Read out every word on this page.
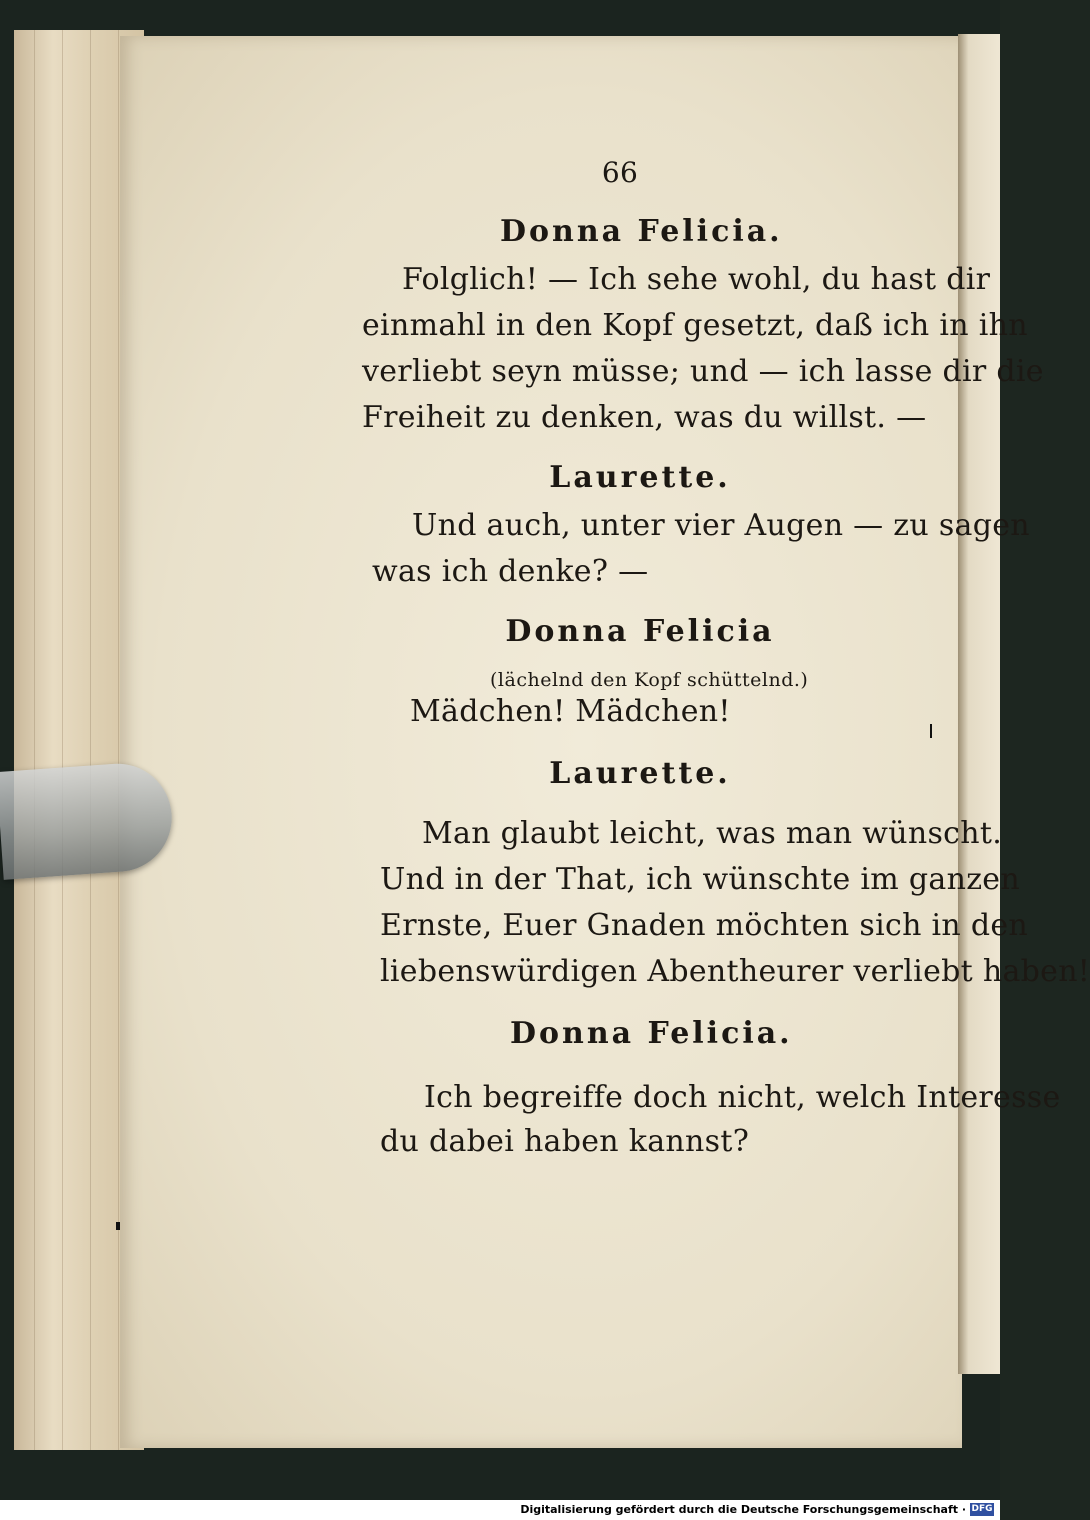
66
Donna Felicia.
Folglich! — Ich sehe wohl, du hast dir
einmahl in den Kopf gesetzt, daß ich in ihn
verliebt seyn müsse; und — ich lasse dir die
Freiheit zu denken, was du willst. —
Laurette.
Und auch, unter vier Augen — zu sagen
was ich denke? —
Donna Felicia
(lächelnd den Kopf schüttelnd.)
Mädchen! Mädchen!
Laurette.
Man glaubt leicht, was man wünscht.
Und in der That, ich wünschte im ganzen
Ernste, Euer Gnaden möchten sich in den
liebenswürdigen Abentheurer verliebt haben!
Donna Felicia.
Ich begreiffe doch nicht, welch Interesse
du dabei haben kannst?
Digitalisierung gefördert durch die Deutsche Forschungsgemeinschaft · DFG
